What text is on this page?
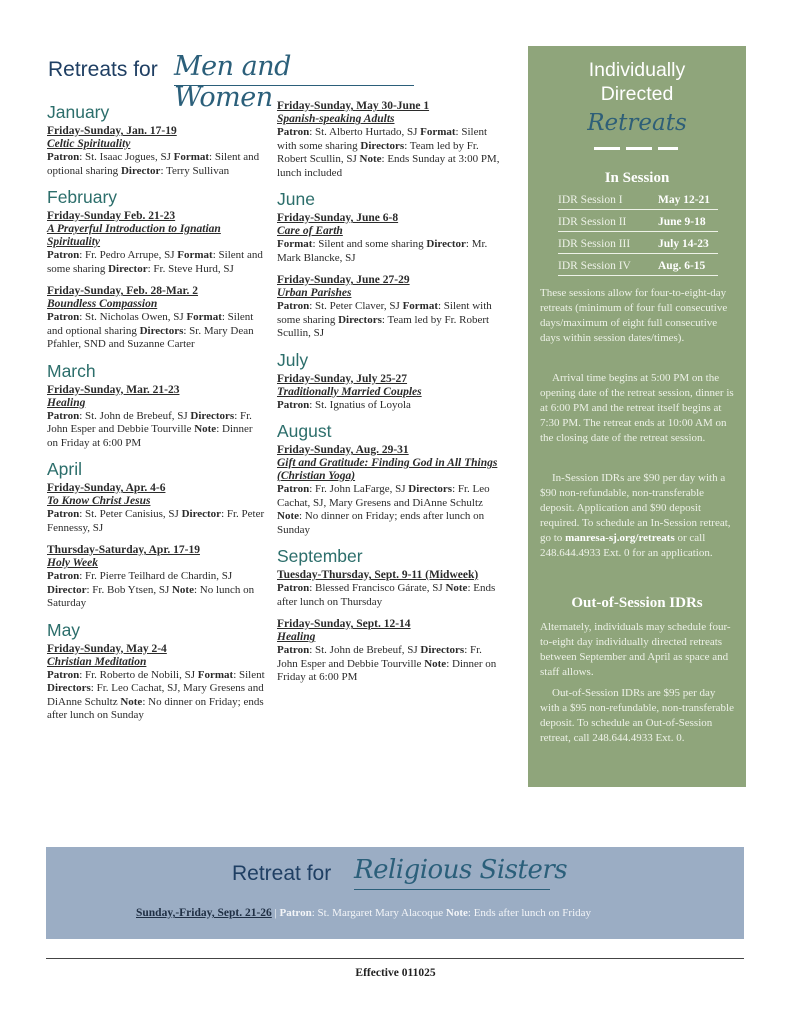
Retreats for Men and Women
January
Friday-Sunday, Jan. 17-19
Celtic Spirituality
Patron: St. Isaac Jogues, SJ Format: Silent and optional sharing Director: Terry Sullivan
February
Friday-Sunday Feb. 21-23
A Prayerful Introduction to Ignatian Spirituality
Patron: Fr. Pedro Arrupe, SJ Format: Silent and some sharing Director: Fr. Steve Hurd, SJ
Friday-Sunday, Feb. 28-Mar. 2
Boundless Compassion
Patron: St. Nicholas Owen, SJ Format: Silent and optional sharing Directors: Sr. Mary Dean Pfahler, SND and Suzanne Carter
March
Friday-Sunday, Mar. 21-23
Healing
Patron: St. John de Brebeuf, SJ Directors: Fr. John Esper and Debbie Tourville Note: Dinner on Friday at 6:00 PM
April
Friday-Sunday, Apr. 4-6
To Know Christ Jesus
Patron: St. Peter Canisius, SJ Director: Fr. Peter Fennessy, SJ
Thursday-Saturday, Apr. 17-19
Holy Week
Patron: Fr. Pierre Teilhard de Chardin, SJ Director: Fr. Bob Ytsen, SJ Note: No lunch on Saturday
May
Friday-Sunday, May 2-4
Christian Meditation
Patron: Fr. Roberto de Nobili, SJ Format: Silent Directors: Fr. Leo Cachat, SJ, Mary Gresens and DiAnne Schultz Note: No dinner on Friday; ends after lunch on Sunday
Friday-Sunday, May 30-June 1
Spanish-speaking Adults
Patron: St. Alberto Hurtado, SJ Format: Silent with some sharing Directors: Team led by Fr. Robert Scullin, SJ Note: Ends Sunday at 3:00 PM, lunch included
June
Friday-Sunday, June 6-8
Care of Earth
Format: Silent and some sharing Director: Mr. Mark Blancke, SJ
Friday-Sunday, June 27-29
Urban Parishes
Patron: St. Peter Claver, SJ Format: Silent with some sharing Directors: Team led by Fr. Robert Scullin, SJ
July
Friday-Sunday, July 25-27
Traditionally Married Couples
Patron: St. Ignatius of Loyola
August
Friday-Sunday, Aug. 29-31
Gift and Gratitude: Finding God in All Things (Christian Yoga)
Patron: Fr. John LaFarge, SJ Directors: Fr. Leo Cachat, SJ, Mary Gresens and DiAnne Schultz Note: No dinner on Friday; ends after lunch on Sunday
September
Tuesday-Thursday, Sept. 9-11 (Midweek)
Patron: Blessed Francisco Gárate, SJ Note: Ends after lunch on Thursday
Friday-Sunday, Sept. 12-14
Healing
Patron: St. John de Brebeuf, SJ Directors: Fr. John Esper and Debbie Tourville Note: Dinner on Friday at 6:00 PM
Individually
Directed
Retreats
In Session
IDR Session I	May 12-21
IDR Session II	June 9-18
IDR Session III July 14-23
IDR Session IV Aug. 6-15
These sessions allow for four-to-eight-day retreats (minimum of four full consecutive days/maximum of eight full consecutive days within session dates/times).
Arrival time begins at 5:00 PM on the opening date of the retreat session, dinner is at 6:00 PM and the retreat itself begins at 7:30 PM. The retreat ends at 10:00 AM on the closing date of the retreat session.
In-Session IDRs are $90 per day with a $90 non-refundable, non-transferable deposit. Application and $90 deposit required. To schedule an In-Session retreat, go to manresa-sj.org/retreats or call 248.644.4933 Ext. 0 for an application.
Out-of-Session IDRs
Alternately, individuals may schedule four-to-eight day individually directed retreats between September and April as space and staff allows.
Out-of-Session IDRs are $95 per day with a $95 non-refundable, non-transferable deposit. To schedule an Out-of-Session retreat, call 248.644.4933 Ext. 0.
Retreat for Religious Sisters
Sunday,-Friday, Sept. 21-26 | Patron: St. Margaret Mary Alacoque Note: Ends after lunch on Friday
Effective 011025
